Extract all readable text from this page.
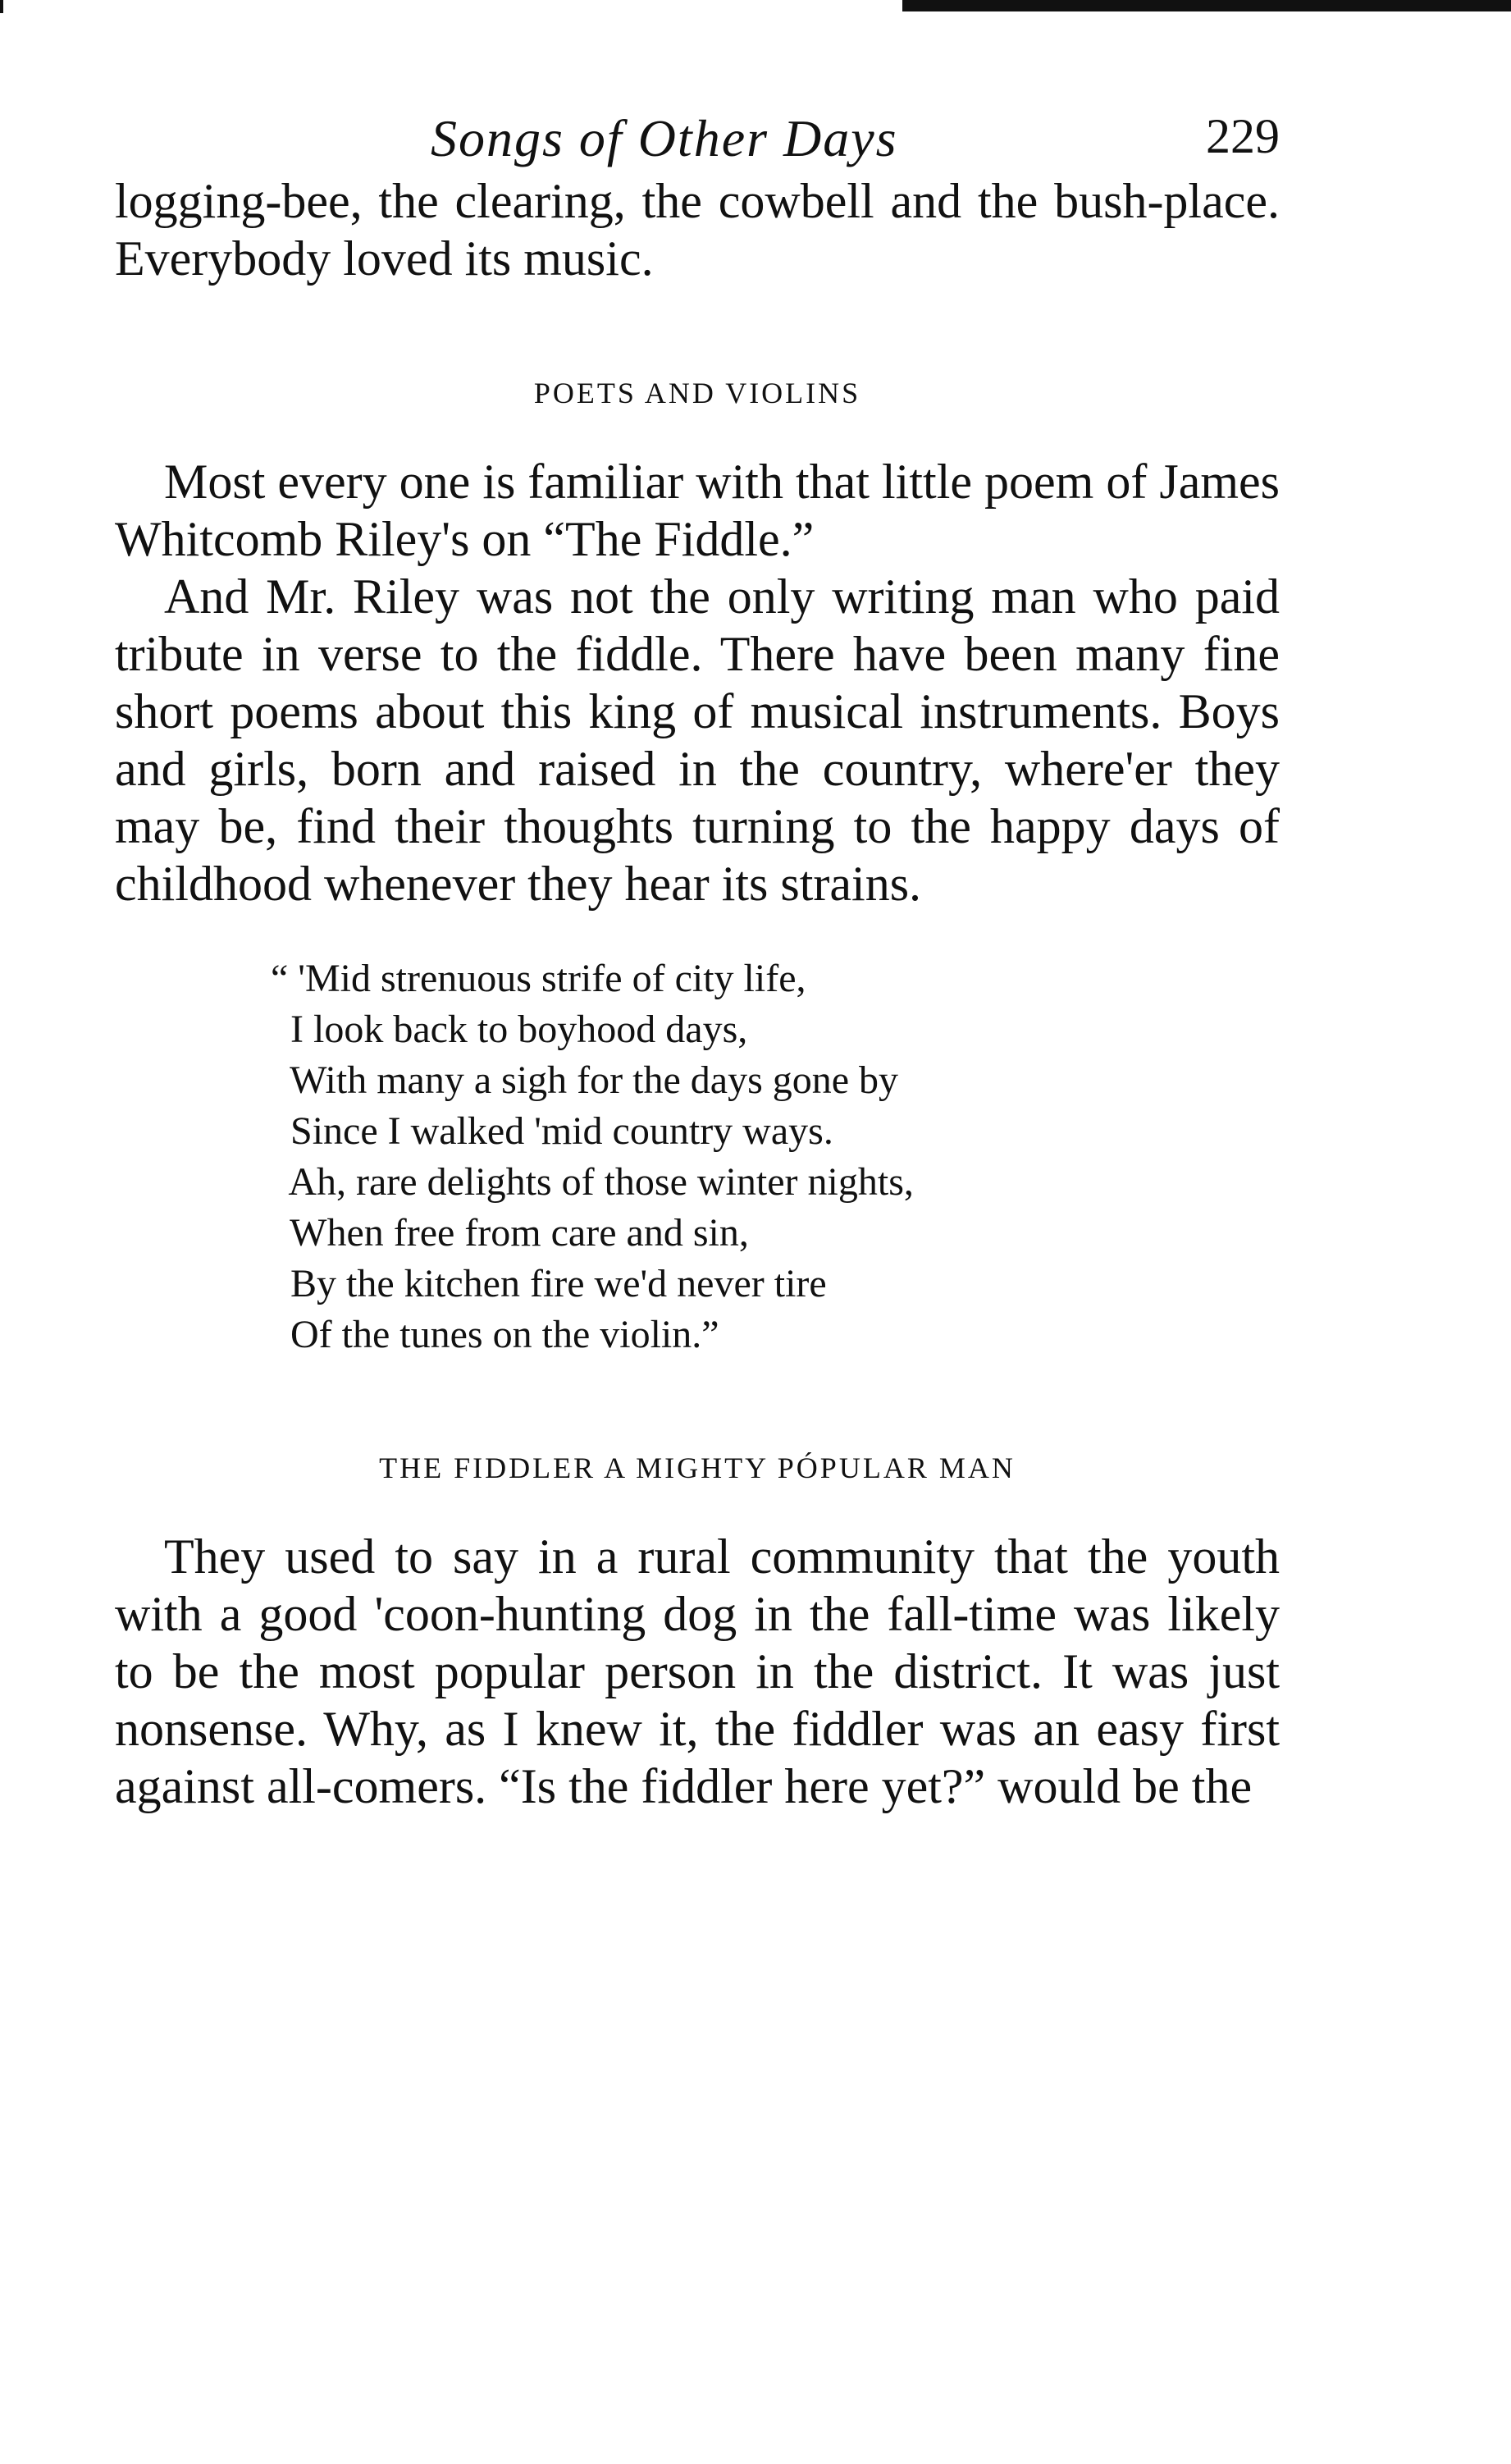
Songs of Other Days	229

logging-bee, the clearing, the cowbell and the bush-place. Everybody loved its music.

POETS AND VIOLINS

Most every one is familiar with that little poem of James Whitcomb Riley's on “The Fiddle.”

And Mr. Riley was not the only writing man who paid tribute in verse to the fiddle. There have been many fine short poems about this king of musical instruments. Boys and girls, born and raised in the country, where'er they may be, find their thoughts turning to the happy days of childhood whenever they hear its strains.

“ 'Mid strenuous strife of city life,
I look back to boyhood days,
With many a sigh for the days gone by
Since I walked 'mid country ways.
Ah, rare delights of those winter nights,
When free from care and sin,
By the kitchen fire we'd never tire
Of the tunes on the violin.”

THE FIDDLER A MIGHTY PÓPULAR MAN

They used to say in a rural community that the youth with a good 'coon-hunting dog in the fall-time was likely to be the most popular person in the district. It was just nonsense. Why, as I knew it, the fiddler was an easy first against all-comers. “Is the fiddler here yet?” would be the
